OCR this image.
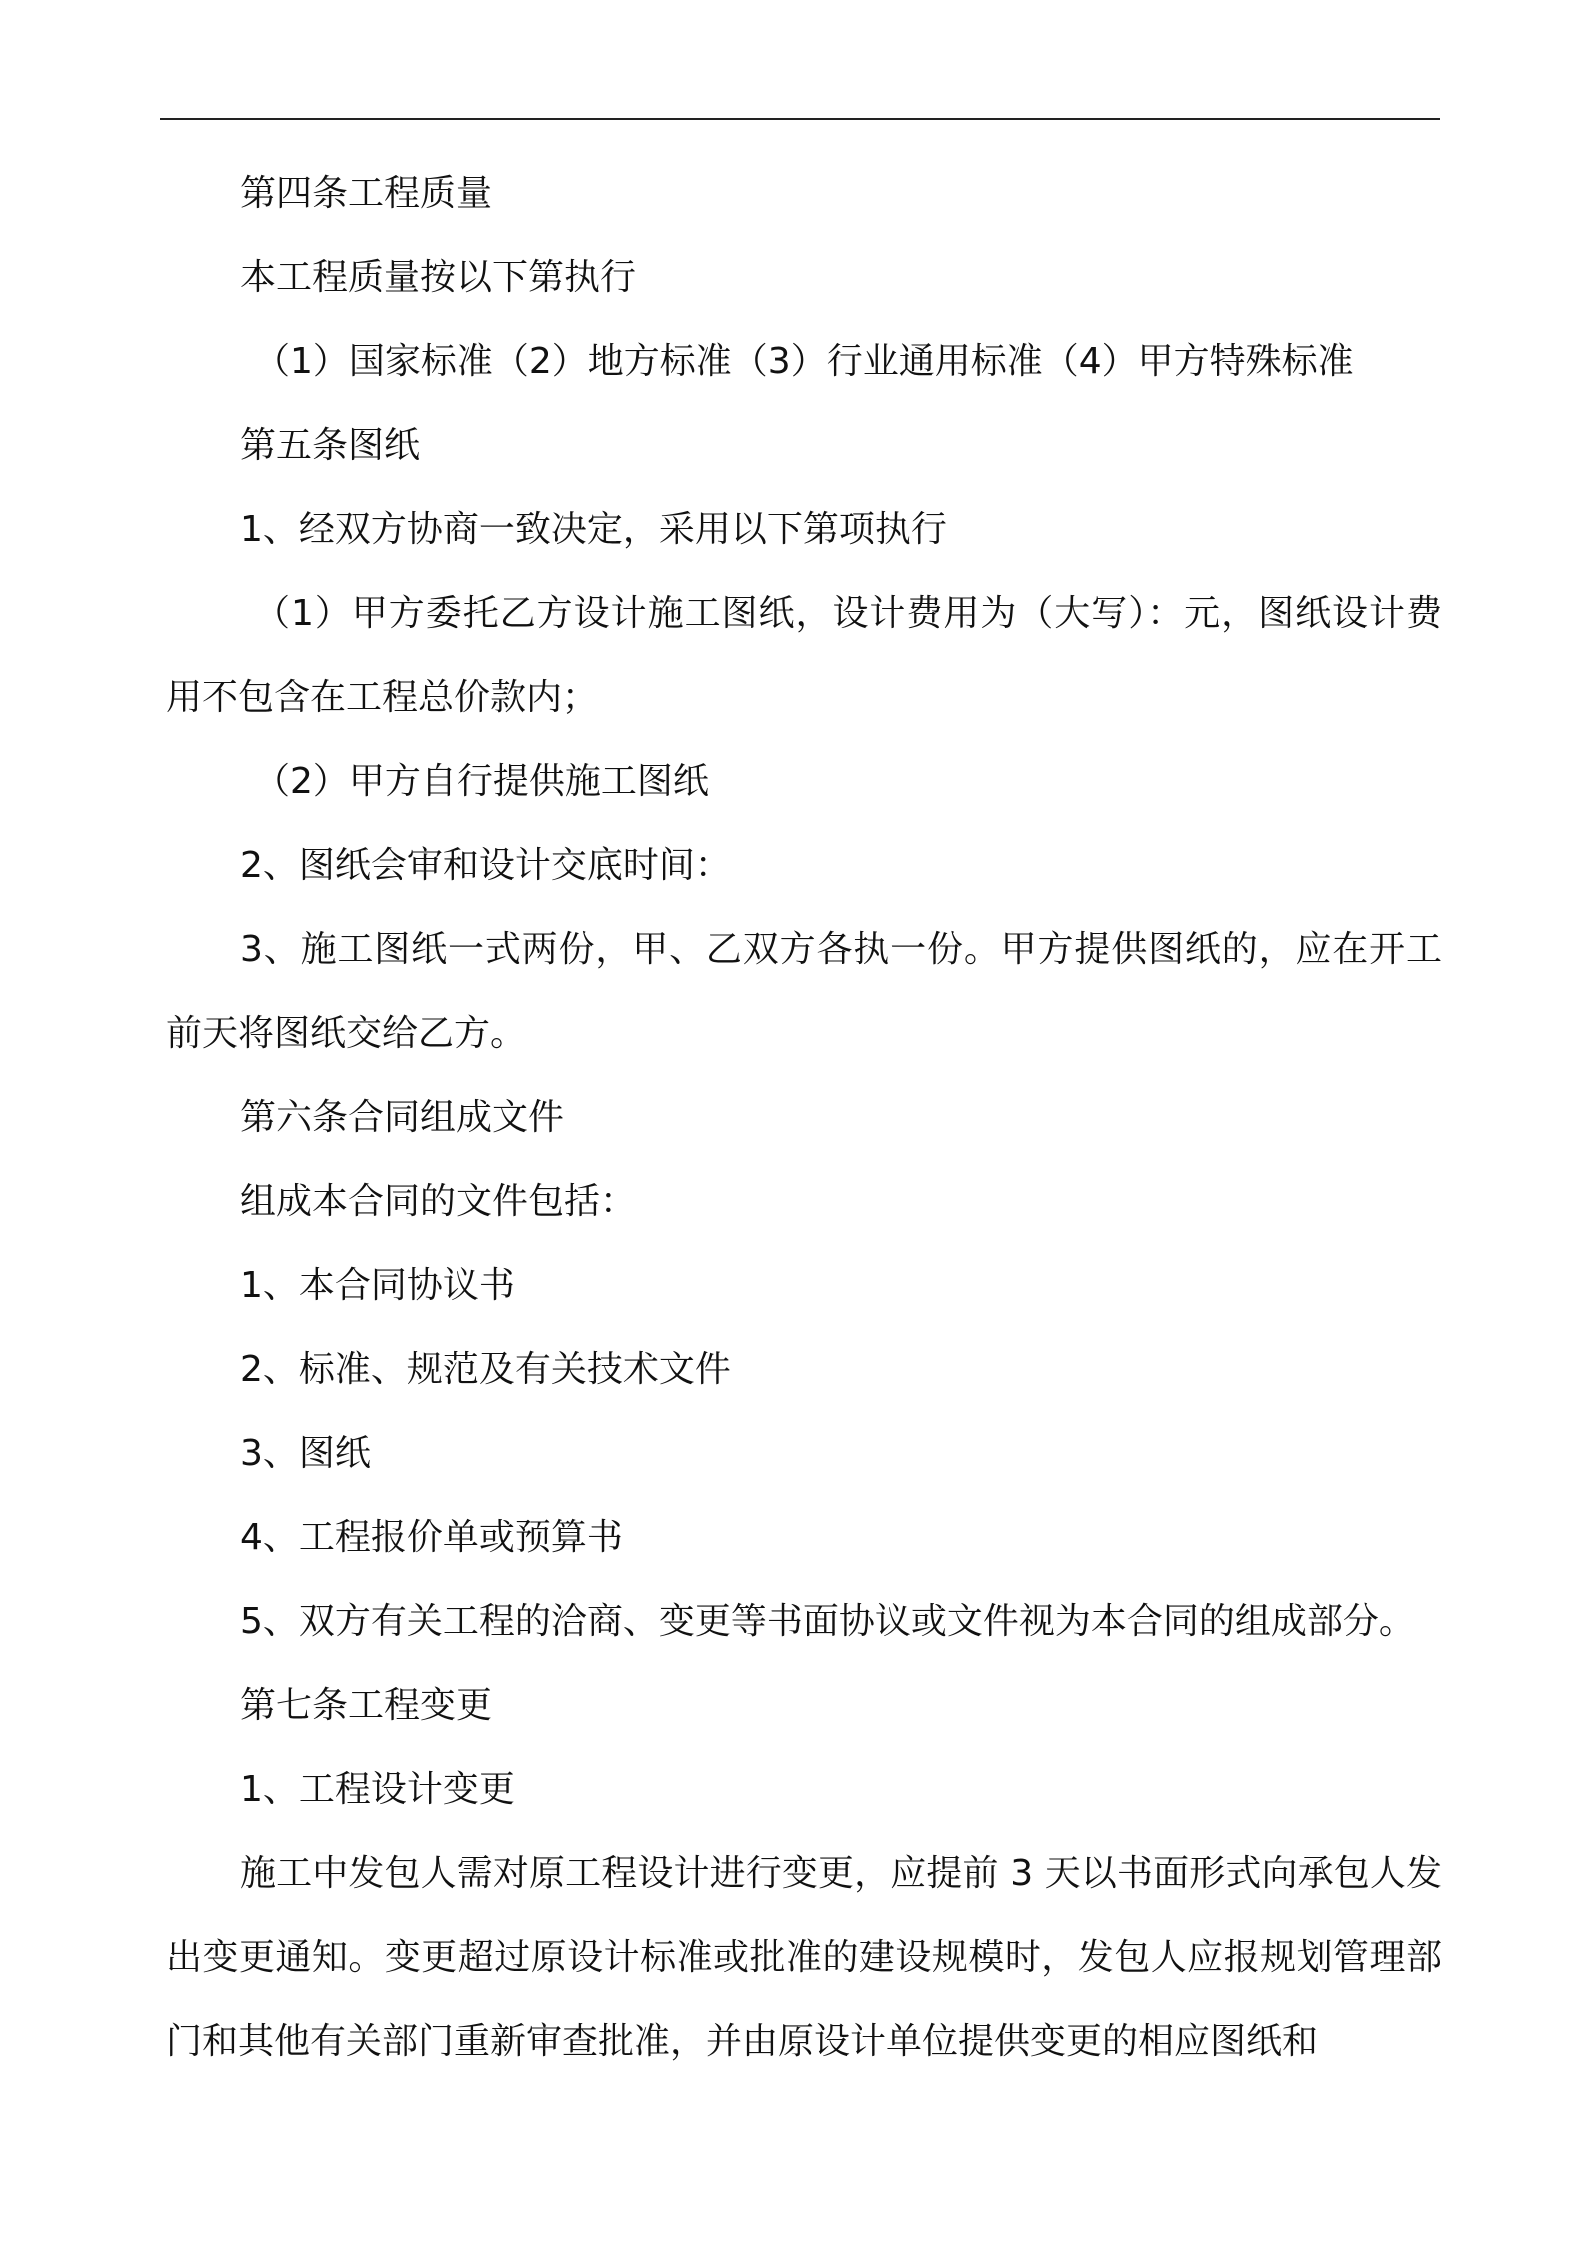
第四条工程质量

本工程质量按以下第执行

（1）国家标准（2）地方标准（3）行业通用标准（4）甲方特殊标准

第五条图纸

1、经双方协商一致决定，采用以下第项执行

（1）甲方委托乙方设计施工图纸，设计费用为（大写）：元，图纸设计费用不包含在工程总价款内；

（2）甲方自行提供施工图纸

2、图纸会审和设计交底时间：

3、施工图纸一式两份，甲、乙双方各执一份。甲方提供图纸的，应在开工前天将图纸交给乙方。

第六条合同组成文件

组成本合同的文件包括：

1、本合同协议书

2、标准、规范及有关技术文件

3、图纸

4、工程报价单或预算书

5、双方有关工程的洽商、变更等书面协议或文件视为本合同的组成部分。

第七条工程变更

1、工程设计变更

施工中发包人需对原工程设计进行变更，应提前 3 天以书面形式向承包人发出变更通知。变更超过原设计标准或批准的建设规模时，发包人应报规划管理部门和其他有关部门重新审查批准，并由原设计单位提供变更的相应图纸和
